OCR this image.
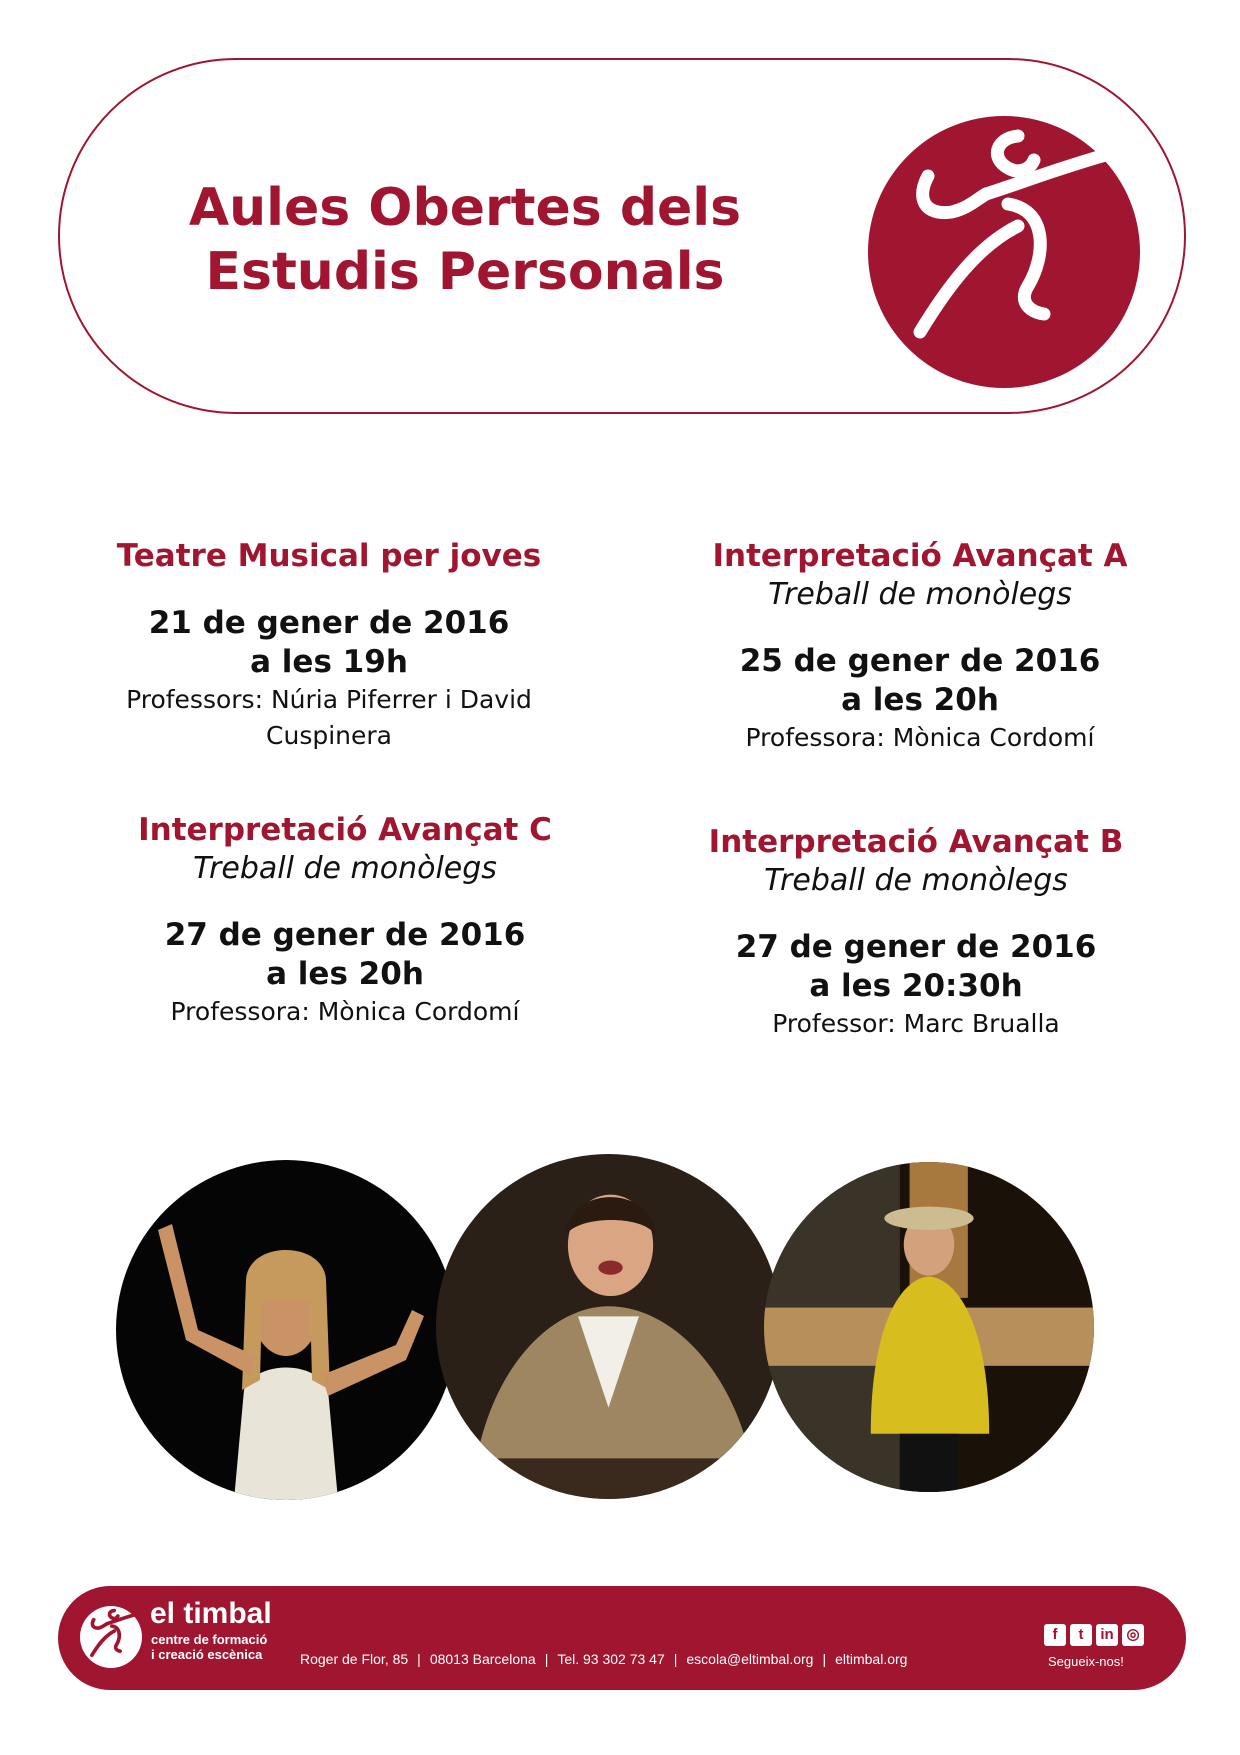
Aules Obertes dels
Estudis Personals
Teatre Musical per joves
21 de gener de 2016
a les 19h
Professors: Núria Piferrer i David
Cuspinera
Interpretació Avançat A
Treball de monòlegs
25 de gener de 2016
a les 20h
Professora: Mònica Cordomí
Interpretació Avançat C
Treball de monòlegs
27 de gener de 2016
a les 20h
Professora: Mònica Cordomí
Interpretació Avançat B
Treball de monòlegs
27 de gener de 2016
a les 20:30h
Professor: Marc Brualla
el timbal
centre de formació
i creació escènica	Roger de Flor, 85 | 08013 Barcelona | Tel. 93 302 73 47 | escola@eltimbal.org | eltimbal.org
f t in ◎
Segueix-nos!
